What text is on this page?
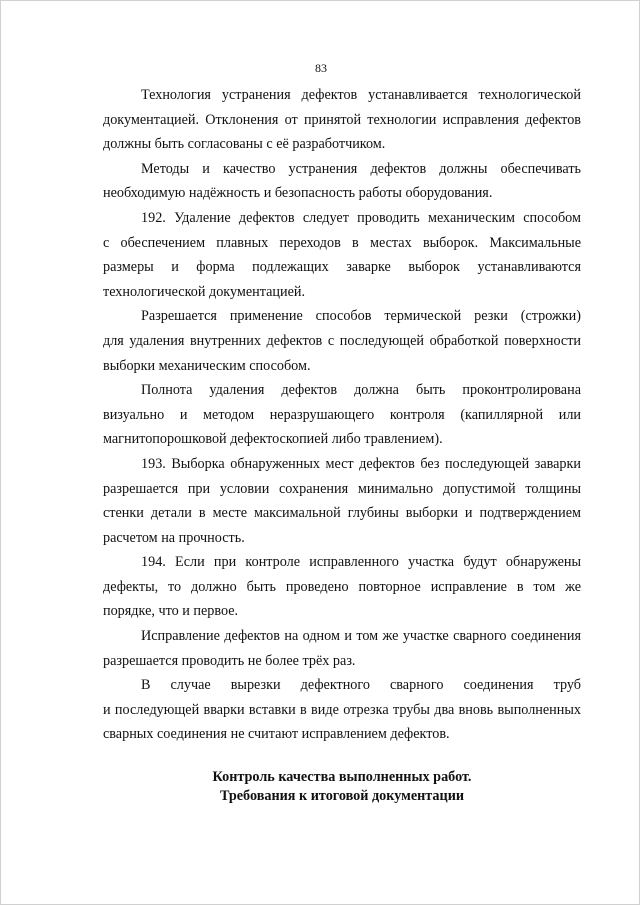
83

Технология устранения дефектов устанавливается технологической
документацией. Отклонения от принятой технологии исправления дефектов
должны быть согласованы с её разработчиком.

Методы и качество устранения дефектов должны обеспечивать
необходимую надёжность и безопасность работы оборудования.

192. Удаление дефектов следует проводить механическим способом
с обеспечением плавных переходов в местах выборок. Максимальные
размеры и форма подлежащих заварке выборок устанавливаются
технологической документацией.

Разрешается применение способов термической резки (строжки)
для удаления внутренних дефектов с последующей обработкой поверхности
выборки механическим способом.

Полнота удаления дефектов должна быть проконтролирована
визуально и методом неразрушающего контроля (капиллярной или
магнитопорошковой дефектоскопией либо травлением).

193. Выборка обнаруженных мест дефектов без последующей заварки
разрешается при условии сохранения минимально допустимой толщины
стенки детали в месте максимальной глубины выборки и подтверждением
расчетом на прочность.

194. Если при контроле исправленного участка будут обнаружены
дефекты, то должно быть проведено повторное исправление в том же
порядке, что и первое.

Исправление дефектов на одном и том же участке сварного соединения
разрешается проводить не более трёх раз.

В случае вырезки дефектного сварного соединения труб
и последующей вварки вставки в виде отрезка трубы два вновь выполненных
сварных соединения не считают исправлением дефектов.

Контроль качества выполненных работ.
Требования к итоговой документации
